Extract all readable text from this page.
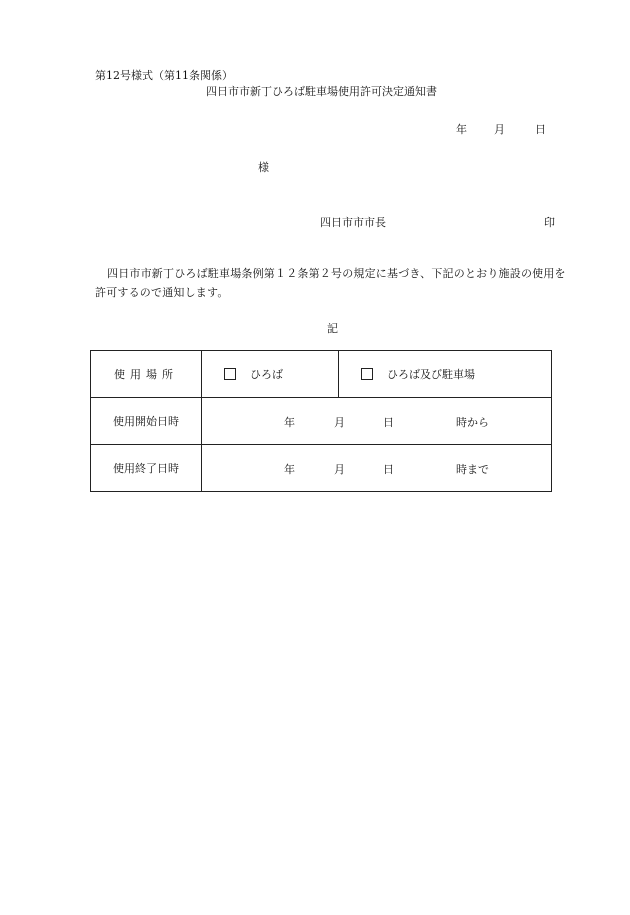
第12号様式（第11条関係）
四日市市新丁ひろば駐車場使用許可決定通知書
年 月	日
様
四日市市市長	印
四日市市新丁ひろば駐車場条例第１２条第２号の規定に基づき、下記のとおり施設の使用を許可するので通知します。
記
使用場所	ひろば	ひろば及び駐車場

使用開始日時	年 月 日 時から	

使用終了日時	年 月 日 時まで	
